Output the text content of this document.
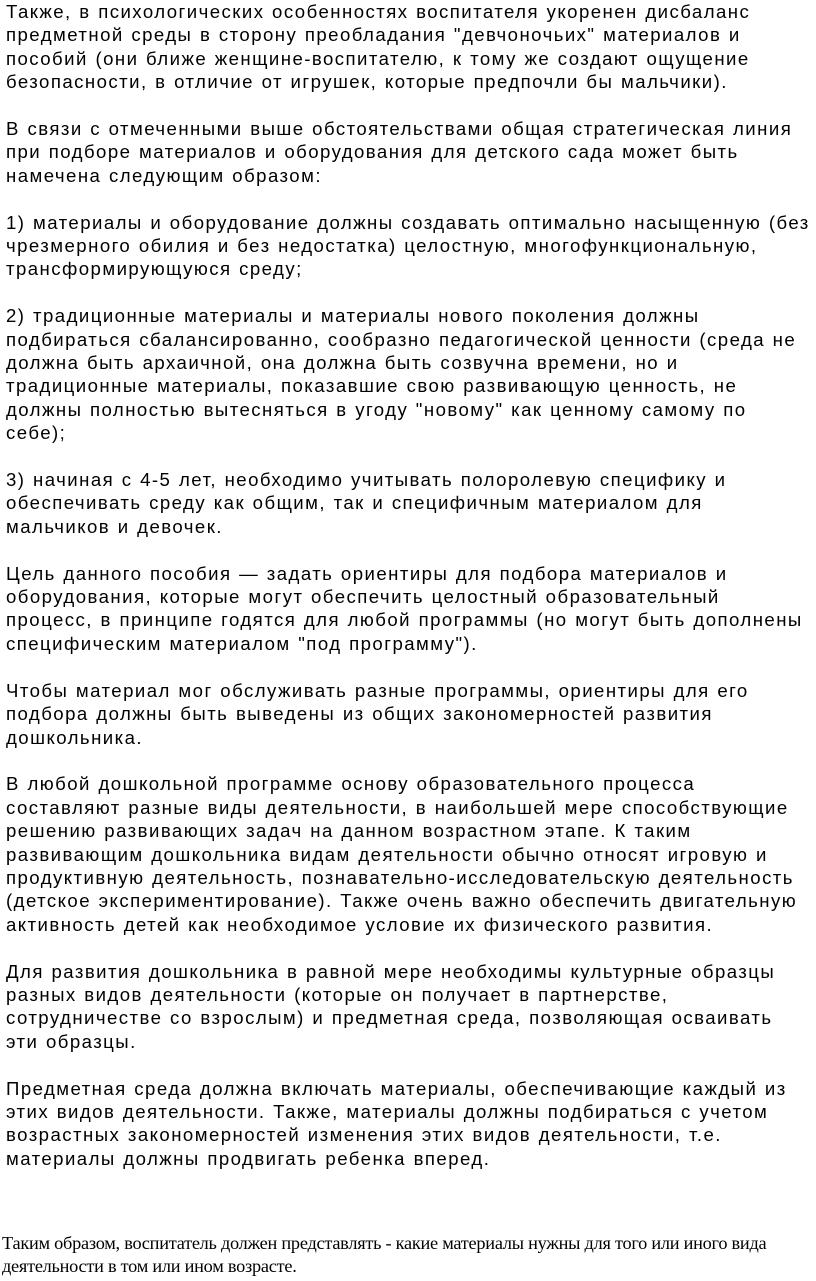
Также, в психологических особенностях воспитателя укоренен дисбаланс предметной среды в сторону преобладания "девчоночьих" материалов и пособий (они ближе женщине-воспитателю, к тому же создают ощущение безопасности, в отличие от игрушек, которые предпочли бы мальчики).

В связи с отмеченными выше обстоятельствами общая стратегическая линия при подборе материалов и оборудования для детского сада может быть намечена следующим образом:

1) материалы и оборудование должны создавать оптимально насыщенную (без чрезмерного обилия и без недостатка) целостную, многофункциональную, трансформирующуюся среду;

2) традиционные материалы и материалы нового поколения должны подбираться сбалансированно, сообразно педагогической ценности (среда не должна быть архаичной, она должна быть созвучна времени, но и традиционные материалы, показавшие свою развивающую ценность, не должны полностью вытесняться в угоду "новому" как ценному самому по себе);

3) начиная с 4-5 лет, необходимо учитывать полоролевую специфику и обеспечивать среду как общим, так и специфичным материалом для мальчиков и девочек.

Цель данного пособия — задать ориентиры для подбора материалов и оборудования, которые могут обеспечить целостный образовательный процесс, в принципе годятся для любой программы (но могут быть дополнены специфическим материалом "под программу").

Чтобы материал мог обслуживать разные программы, ориентиры для его подбора должны быть выведены из общих закономерностей развития дошкольника.

В любой дошкольной программе основу образовательного процесса составляют разные виды деятельности, в наибольшей мере способствующие решению развивающих задач на данном возрастном этапе. К таким развивающим дошкольника видам деятельности обычно относят игровую и продуктивную деятельность, познавательно-исследовательскую деятельность (детское экспериментирование). Также очень важно обеспечить двигательную активность детей как необходимое условие их физического развития.

Для развития дошкольника в равной мере необходимы культурные образцы разных видов деятельности (которые он получает в партнерстве, сотрудничестве со взрослым) и предметная среда, позволяющая осваивать эти образцы.

Предметная среда должна включать материалы, обеспечивающие каждый из этих видов деятельности. Также, материалы должны подбираться с учетом возрастных закономерностей изменения этих видов деятельности, т.е. материалы должны продвигать ребенка вперед.

Таким образом, воспитатель должен представлять - какие материалы нужны для того или иного вида деятельности в том или ином возрасте.
